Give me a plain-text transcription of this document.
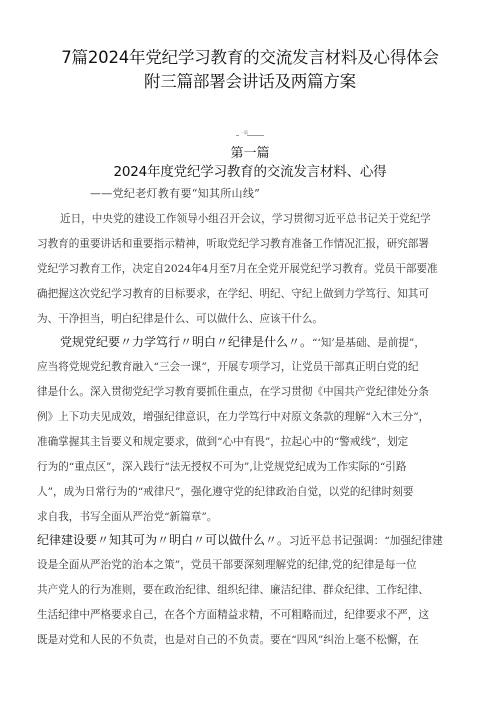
7篇2024年党纪学习教育的交流发言材料及心得体会
附三篇部署会讲话及两篇方案
一篇
第一篇
2024年度党纪学习教育的交流发言材料、心得
——党纪老灯教有要“知其所山线”
近日，中央党的建设工作领导小组召开会议，学习贯彻习近平总书记关于党纪学
习教育的重要讲话和重要指示精神，听取党纪学习教育准备工作情况汇报，研究部署
党纪学习教育工作，决定自2024年4月至7月在全党开展党纪学习教育。党员干部要准
确把握这次党纪学习教育的目标要求，在学纪、明纪、守纪上做到力学笃行、知其可
为、干净担当，明白纪律是什么、可以做什么、应该干什么。
党规党纪要〃力学笃行〃明白〃纪律是什么〃。“‘知’是基础、是前提”，
应当将党规党纪教育融入“三会一课”，开展专项学习，让党员干部真正明白党的纪
律是什么。深入贯彻党纪学习教育要抓住重点，在学习贯彻《中国共产党纪律处分条
例》上下功夫见成效，增强纪律意识，在力学笃行中对原文条款的理解“入木三分”，
准确掌握其主旨要义和规定要求，做到“心中有畏”，拉起心中的“警戒线”，划定
行为的“重点区”，深入践行“法无授权不可为”,让党规党纪成为工作实际的“引路
人”，成为日常行为的“戒律尺”，强化遵守党的纪律政治自觉，以党的纪律时刻要
求自我，书写全面从严治党“新篇章”。
纪律建设要〃知其可为〃明白〃可以做什么〃。习近平总书记强调：“加强纪律建
设是全面从严治党的治本之策”，党员干部要深刻理解党的纪律,党的纪律是每一位
共产党人的行为准则，要在政治纪律、组织纪律、廉洁纪律、群众纪律、工作纪律、
生活纪律中严格要求自己，在各个方面精益求精，不可粗略而过，纪律要求不严，这
既是对党和人民的不负责，也是对自己的不负责。要在“四风”纠治上毫不松懈，在
